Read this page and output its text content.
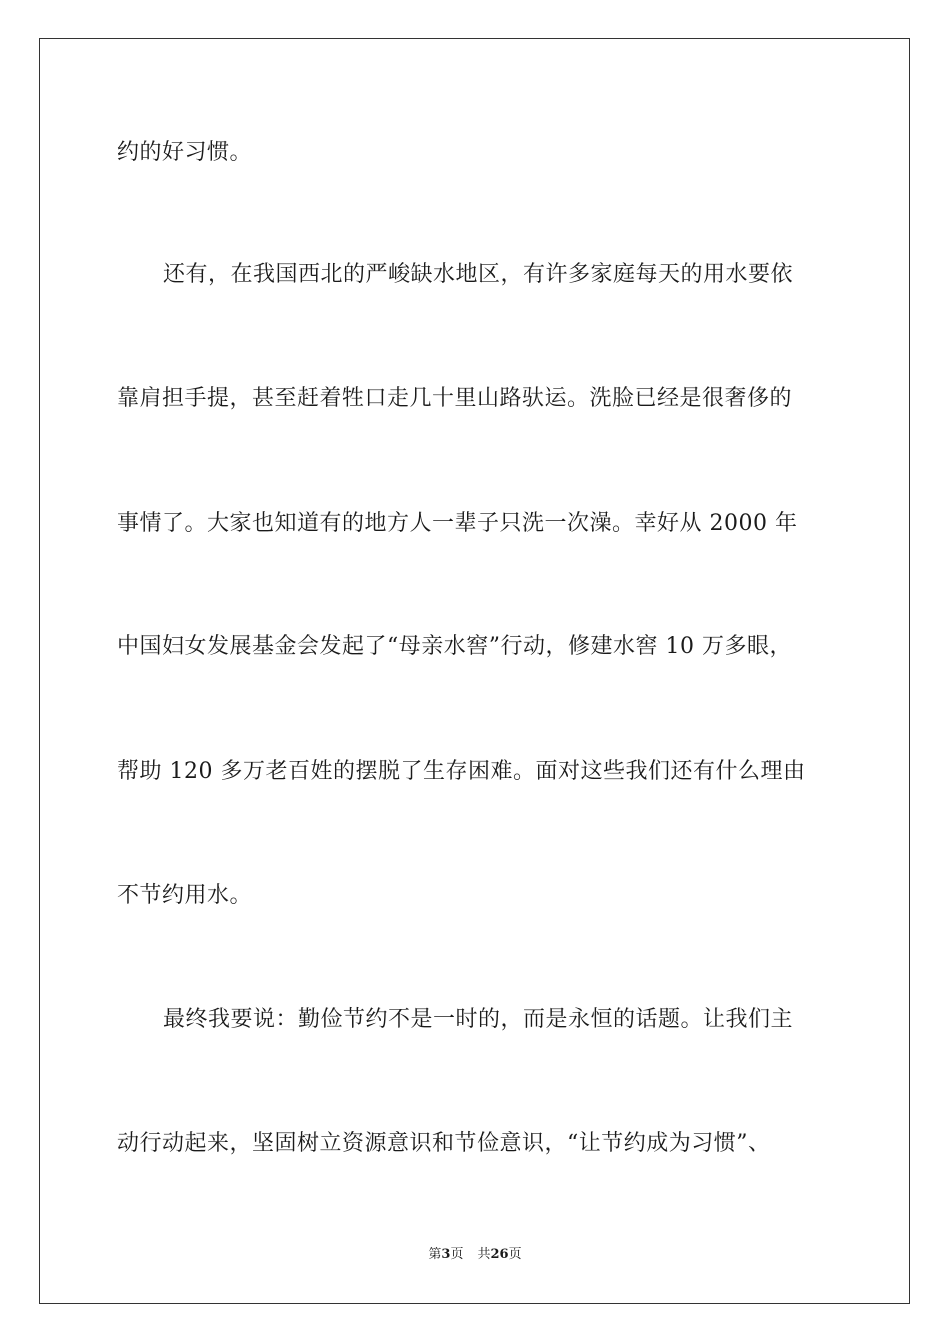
约的好习惯。
还有，在我国西北的严峻缺水地区，有许多家庭每天的用水要依
靠肩担手提，甚至赶着牲口走几十里山路驮运。洗脸已经是很奢侈的
事情了。大家也知道有的地方人一辈子只洗一次澡。幸好从 2000 年
中国妇女发展基金会发起了“母亲水窖”行动，修建水窖 10 万多眼，
帮助 120 多万老百姓的摆脱了生存困难。面对这些我们还有什么理由
不节约用水。
最终我要说：勤俭节约不是一时的，而是永恒的话题。让我们主
动行动起来，坚固树立资源意识和节俭意识，“让节约成为习惯”、
第3页 共26页
